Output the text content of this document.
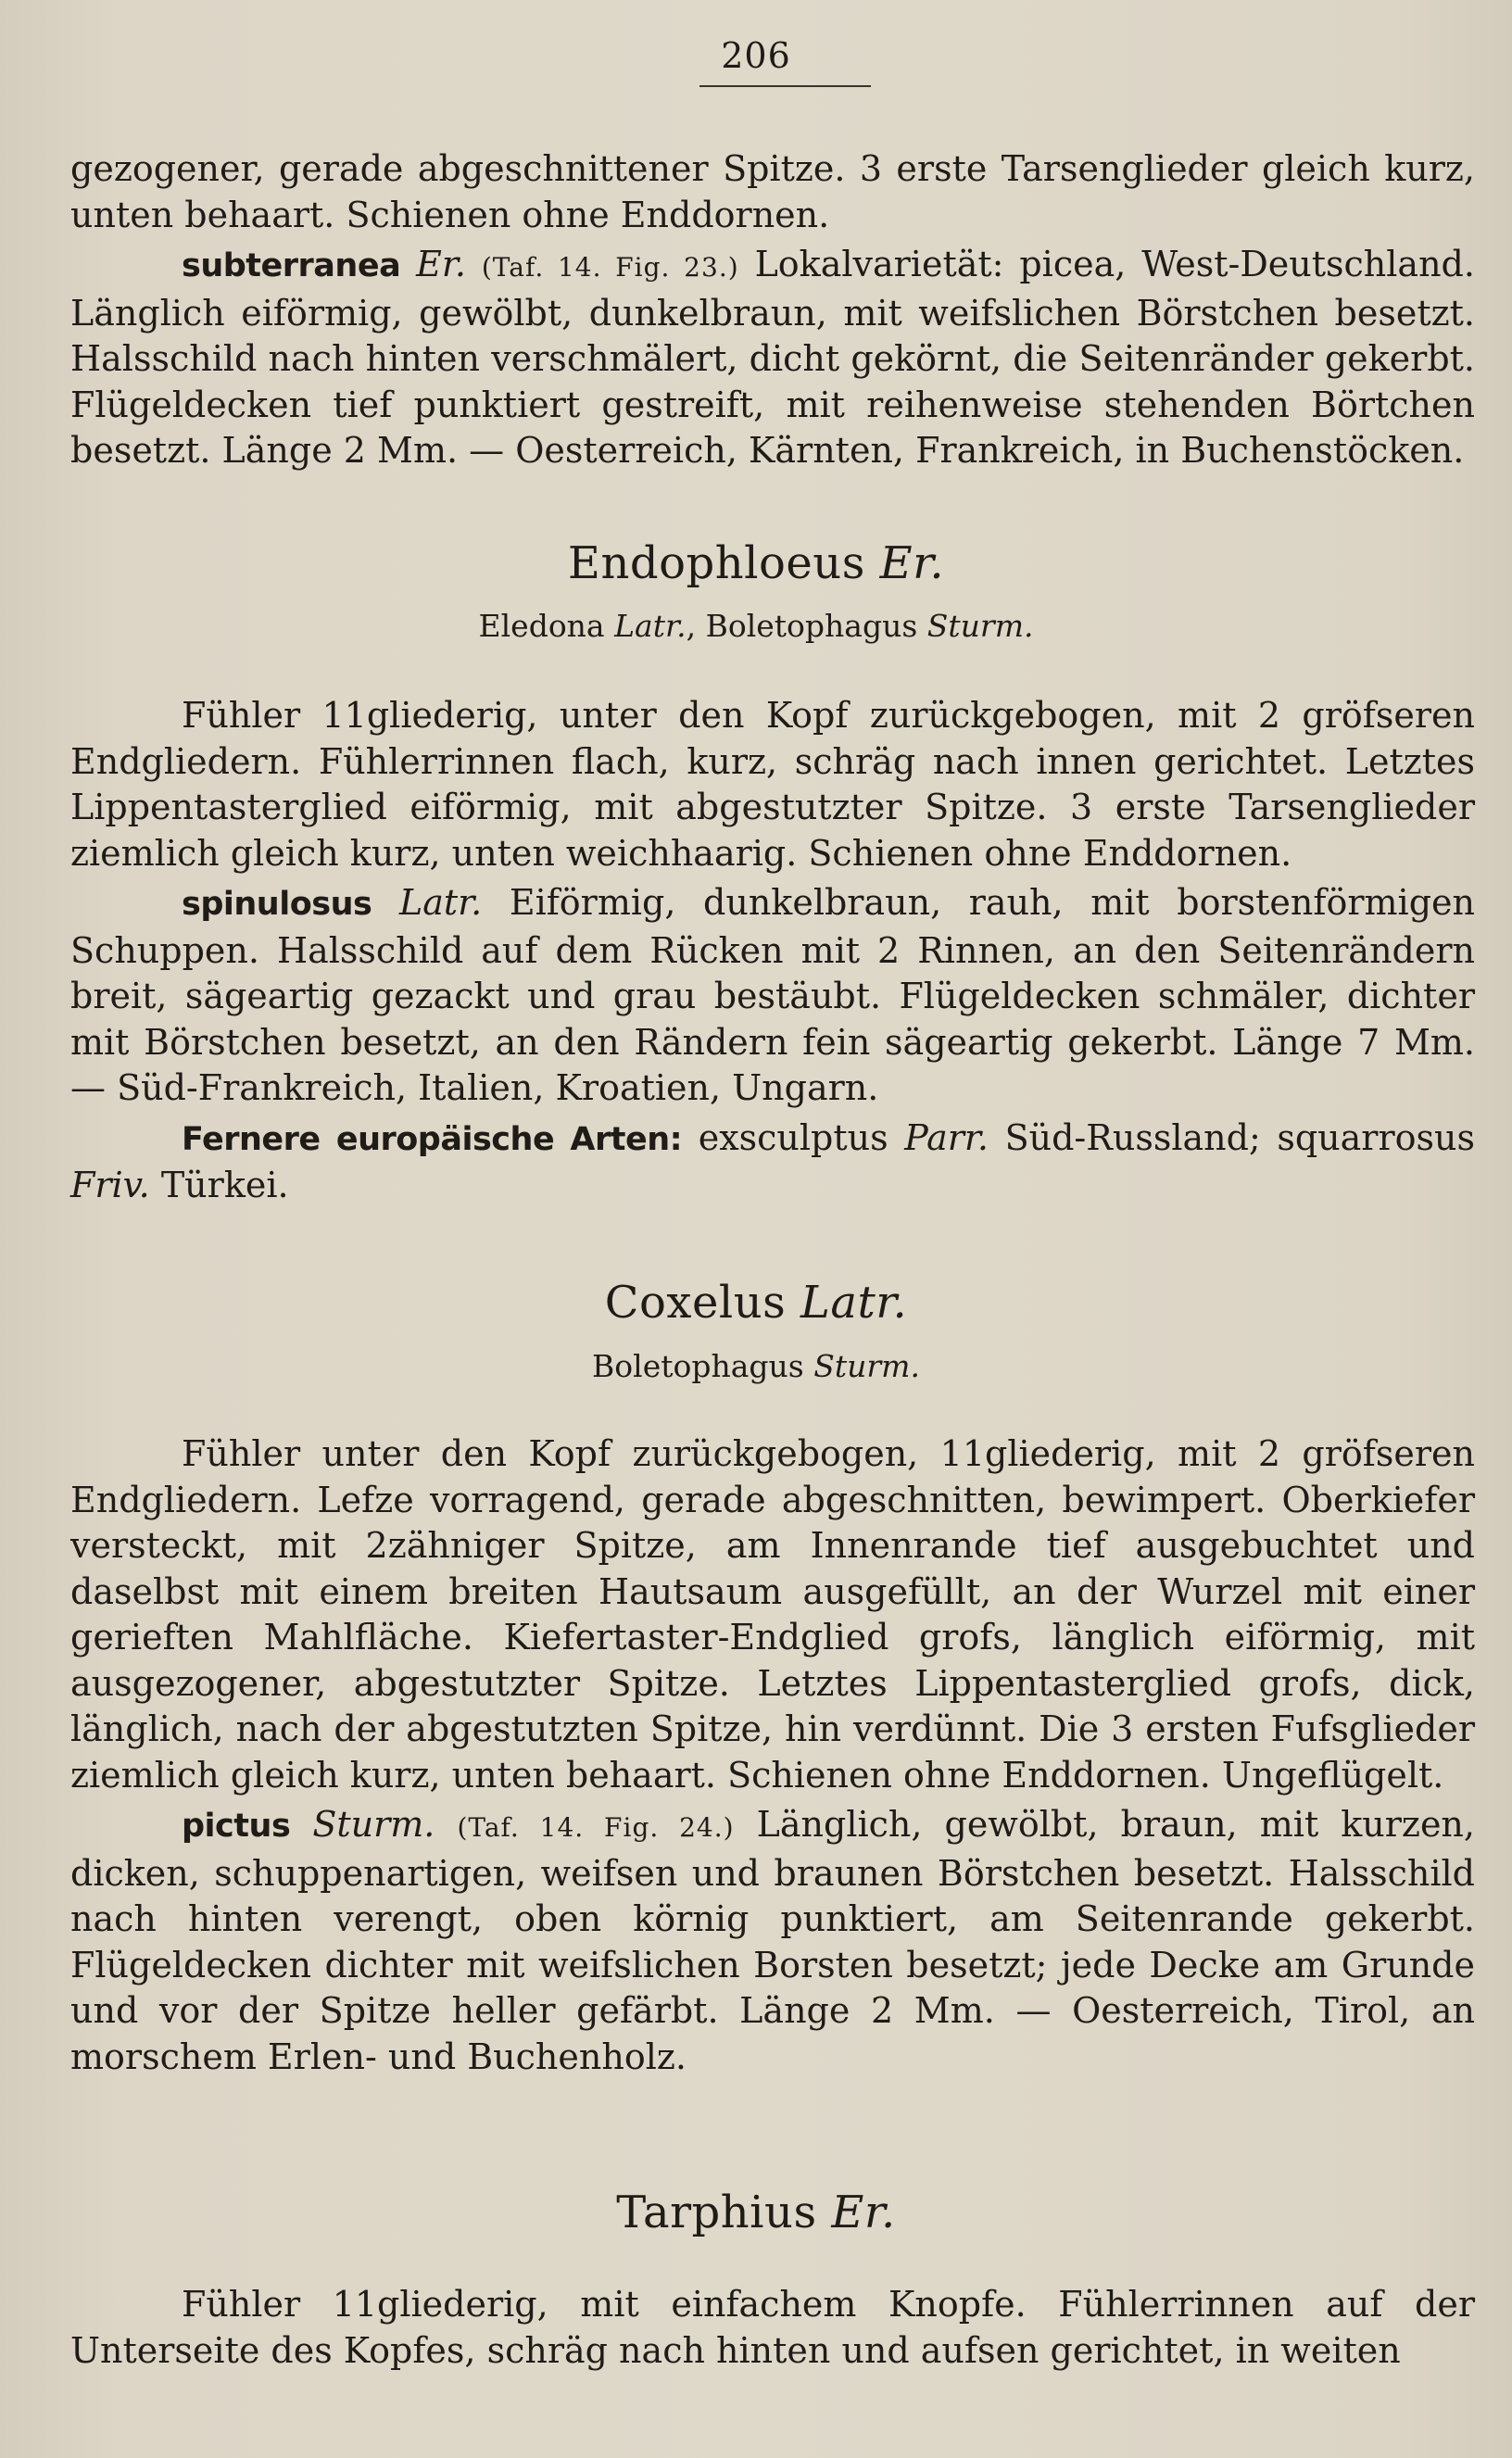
206

gezogener, gerade abgeschnittener Spitze. 3 erste Tarsenglieder gleich kurz, unten behaart. Schienen ohne Enddornen.

subterranea Er. (Taf. 14. Fig. 23.) Lokalvarietät: picea, West-Deutschland. Länglich eiförmig, gewölbt, dunkelbraun, mit weifslichen Börstchen besetzt. Halsschild nach hinten verschmälert, dicht gekörnt, die Seitenränder gekerbt. Flügeldecken tief punktiert gestreift, mit reihenweise stehenden Börtchen besetzt. Länge 2 Mm. — Oesterreich, Kärnten, Frankreich, in Buchenstöcken.

Endophloeus Er.
Eledona Latr., Boletophagus Sturm.

Fühler 11gliederig, unter den Kopf zurückgebogen, mit 2 gröfseren Endgliedern. Fühlerrinnen flach, kurz, schräg nach innen gerichtet. Letztes Lippentasterglied eiförmig, mit abgestutzter Spitze. 3 erste Tarsenglieder ziemlich gleich kurz, unten weichhaarig. Schienen ohne Enddornen.

spinulosus Latr. Eiförmig, dunkelbraun, rauh, mit borstenförmigen Schuppen. Halsschild auf dem Rücken mit 2 Rinnen, an den Seitenrändern breit, sägeartig gezackt und grau bestäubt. Flügeldecken schmäler, dichter mit Börstchen besetzt, an den Rändern fein sägeartig gekerbt. Länge 7 Mm. — Süd-Frankreich, Italien, Kroatien, Ungarn.

Fernere europäische Arten: exsculptus Parr. Süd-Russland; squarrosus Friv. Türkei.

Coxelus Latr.
Boletophagus Sturm.

Fühler unter den Kopf zurückgebogen, 11gliederig, mit 2 gröfseren Endgliedern. Lefze vorragend, gerade abgeschnitten, bewimpert. Oberkiefer versteckt, mit 2zähniger Spitze, am Innenrande tief ausgebuchtet und daselbst mit einem breiten Hautsaum ausgefüllt, an der Wurzel mit einer gerieften Mahlfläche. Kiefertaster-Endglied grofs, länglich eiförmig, mit ausgezogener, abgestutzter Spitze. Letztes Lippentasterglied grofs, dick, länglich, nach der abgestutzten Spitze, hin verdünnt. Die 3 ersten Fufsglieder ziemlich gleich kurz, unten behaart. Schienen ohne Enddornen. Ungeflügelt.

pictus Sturm. (Taf. 14. Fig. 24.) Länglich, gewölbt, braun, mit kurzen, dicken, schuppenartigen, weifsen und braunen Börstchen besetzt. Halsschild nach hinten verengt, oben körnig punktiert, am Seitenrande gekerbt. Flügeldecken dichter mit weifslichen Borsten besetzt; jede Decke am Grunde und vor der Spitze heller gefärbt. Länge 2 Mm. — Oesterreich, Tirol, an morschem Erlen- und Buchenholz.

Tarphius Er.

Fühler 11gliederig, mit einfachem Knopfe. Fühlerrinnen auf der Unterseite des Kopfes, schräg nach hinten und aufsen gerichtet, in weiten
